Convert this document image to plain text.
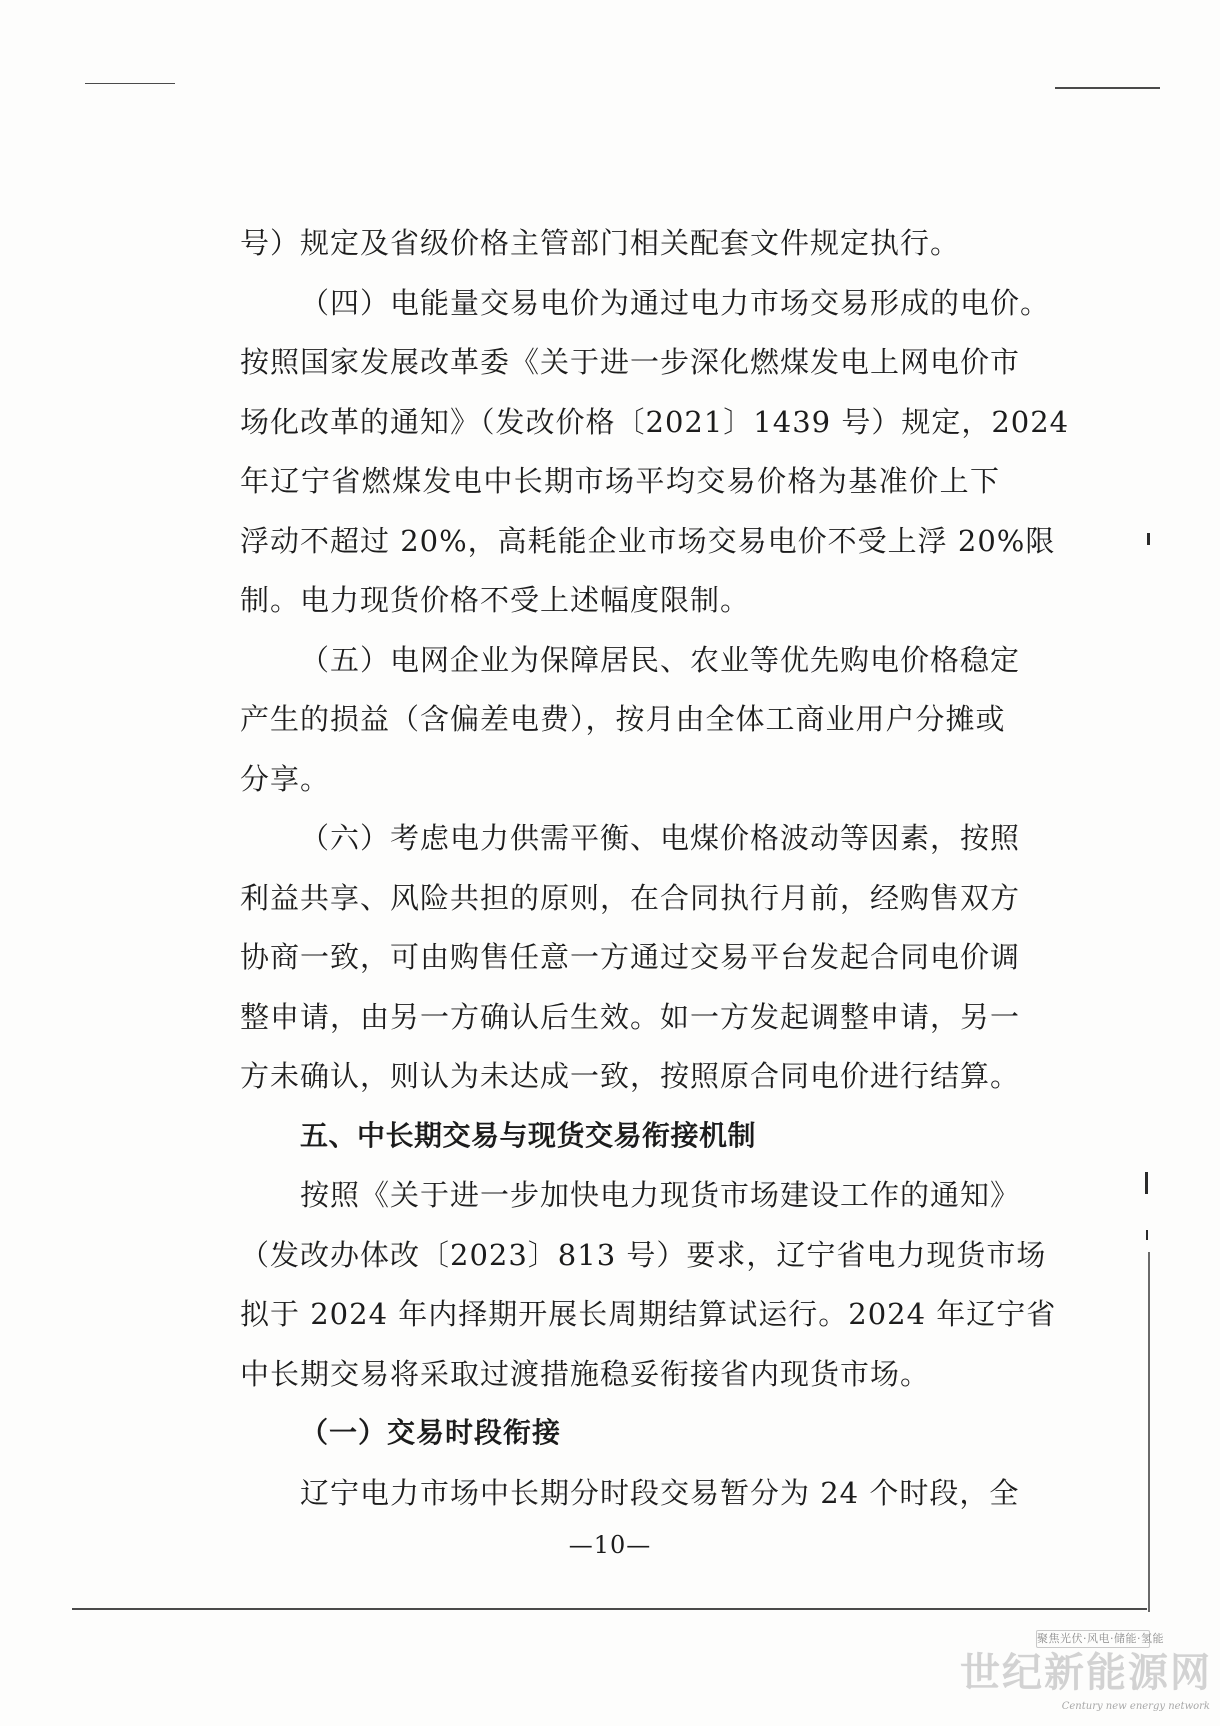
号）规定及省级价格主管部门相关配套文件规定执行。
（四）电能量交易电价为通过电力市场交易形成的电价。
按照国家发展改革委《关于进一步深化燃煤发电上网电价市
场化改革的通知》（发改价格〔2021〕1439 号）规定，2024
年辽宁省燃煤发电中长期市场平均交易价格为基准价上下
浮动不超过 20%，高耗能企业市场交易电价不受上浮 20%限
制。电力现货价格不受上述幅度限制。
（五）电网企业为保障居民、农业等优先购电价格稳定
产生的损益（含偏差电费），按月由全体工商业用户分摊或
分享。
（六）考虑电力供需平衡、电煤价格波动等因素，按照
利益共享、风险共担的原则，在合同执行月前，经购售双方
协商一致，可由购售任意一方通过交易平台发起合同电价调
整申请，由另一方确认后生效。如一方发起调整申请，另一
方未确认，则认为未达成一致，按照原合同电价进行结算。
五、中长期交易与现货交易衔接机制
按照《关于进一步加快电力现货市场建设工作的通知》
（发改办体改〔2023〕813 号）要求，辽宁省电力现货市场
拟于 2024 年内择期开展长周期结算试运行。2024 年辽宁省
中长期交易将采取过渡措施稳妥衔接省内现货市场。
（一）交易时段衔接
辽宁电力市场中长期分时段交易暂分为 24 个时段，全
—10—
聚焦光伏·风电·储能·氢能
世纪新能源网
Century new energy network
